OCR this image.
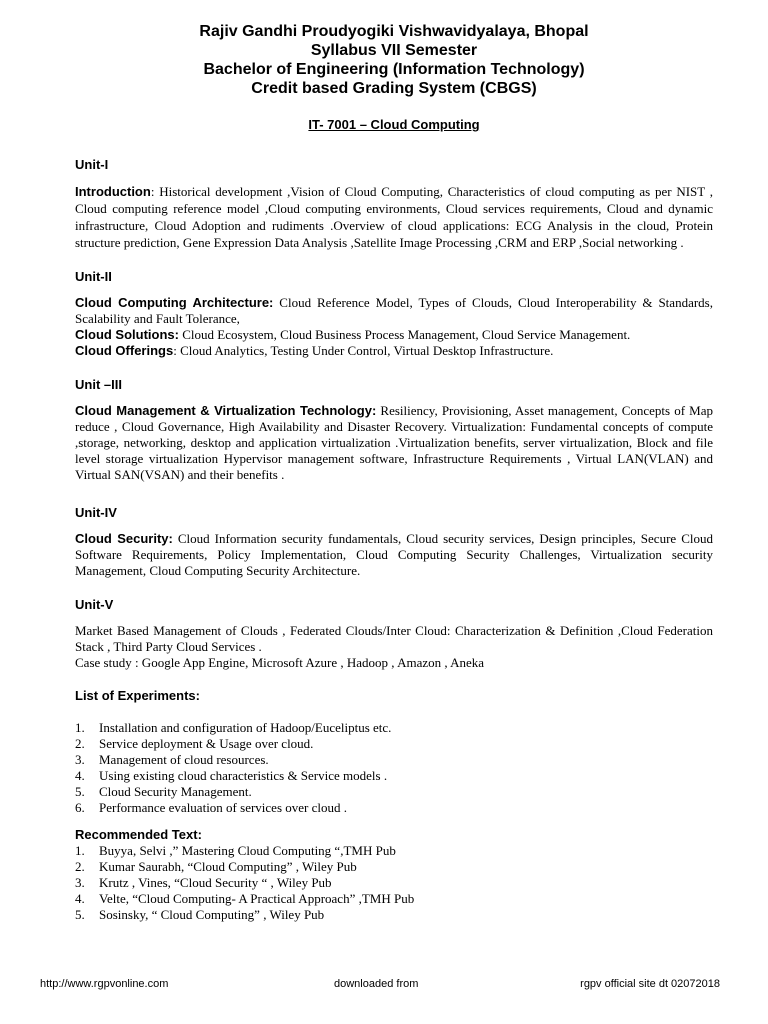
Rajiv Gandhi Proudyogiki Vishwavidyalaya, Bhopal
Syllabus VII Semester
Bachelor of Engineering (Information Technology)
Credit based Grading System (CBGS)
IT- 7001 – Cloud Computing
Unit-I

Introduction: Historical development ,Vision of Cloud Computing, Characteristics of cloud computing as per NIST , Cloud computing reference model ,Cloud computing environments, Cloud services requirements, Cloud and dynamic infrastructure, Cloud Adoption and rudiments .Overview of cloud applications: ECG Analysis in the cloud, Protein structure prediction, Gene Expression Data Analysis ,Satellite Image Processing ,CRM and ERP ,Social networking .

Unit-II

Cloud Computing Architecture: Cloud Reference Model, Types of Clouds, Cloud Interoperability & Standards, Scalability and Fault Tolerance,

Cloud Solutions: Cloud Ecosystem, Cloud Business Process Management, Cloud Service Management.

Cloud Offerings: Cloud Analytics, Testing Under Control, Virtual Desktop Infrastructure.

Unit –III

Cloud Management & Virtualization Technology: Resiliency, Provisioning, Asset management, Concepts of Map reduce , Cloud Governance, High Availability and Disaster Recovery. Virtualization: Fundamental concepts of compute ,storage, networking, desktop and application virtualization .Virtualization benefits, server virtualization, Block and file level storage virtualization Hypervisor management software, Infrastructure Requirements , Virtual LAN(VLAN) and Virtual SAN(VSAN) and their benefits .

Unit-IV

Cloud Security: Cloud Information security fundamentals, Cloud security services, Design principles, Secure Cloud Software Requirements, Policy Implementation, Cloud Computing Security Challenges, Virtualization security Management, Cloud Computing Security Architecture.

Unit-V

Market Based Management of Clouds , Federated Clouds/Inter Cloud: Characterization & Definition ,Cloud Federation Stack , Third Party Cloud Services .

Case study : Google App Engine, Microsoft Azure , Hadoop , Amazon , Aneka

List of Experiments:
1.	Installation and configuration of Hadoop/Euceliptus etc.
2.	Service deployment & Usage over cloud.
3.	Management of cloud resources.
4.	Using existing cloud characteristics & Service models .
5.	Cloud Security Management.
6.	Performance evaluation of services over cloud .
Recommended Text:
1.	Buyya, Selvi ,” Mastering Cloud Computing “,TMH Pub
2.	Kumar Saurabh, “Cloud Computing” , Wiley Pub
3.	Krutz , Vines, “Cloud Security “ , Wiley Pub
4.	Velte, “Cloud Computing- A Practical Approach” ,TMH Pub
5.	Sosinsky, “ Cloud Computing” , Wiley Pub
http://www.rgpvonline.com	downloaded from	rgpv official site dt 02072018
